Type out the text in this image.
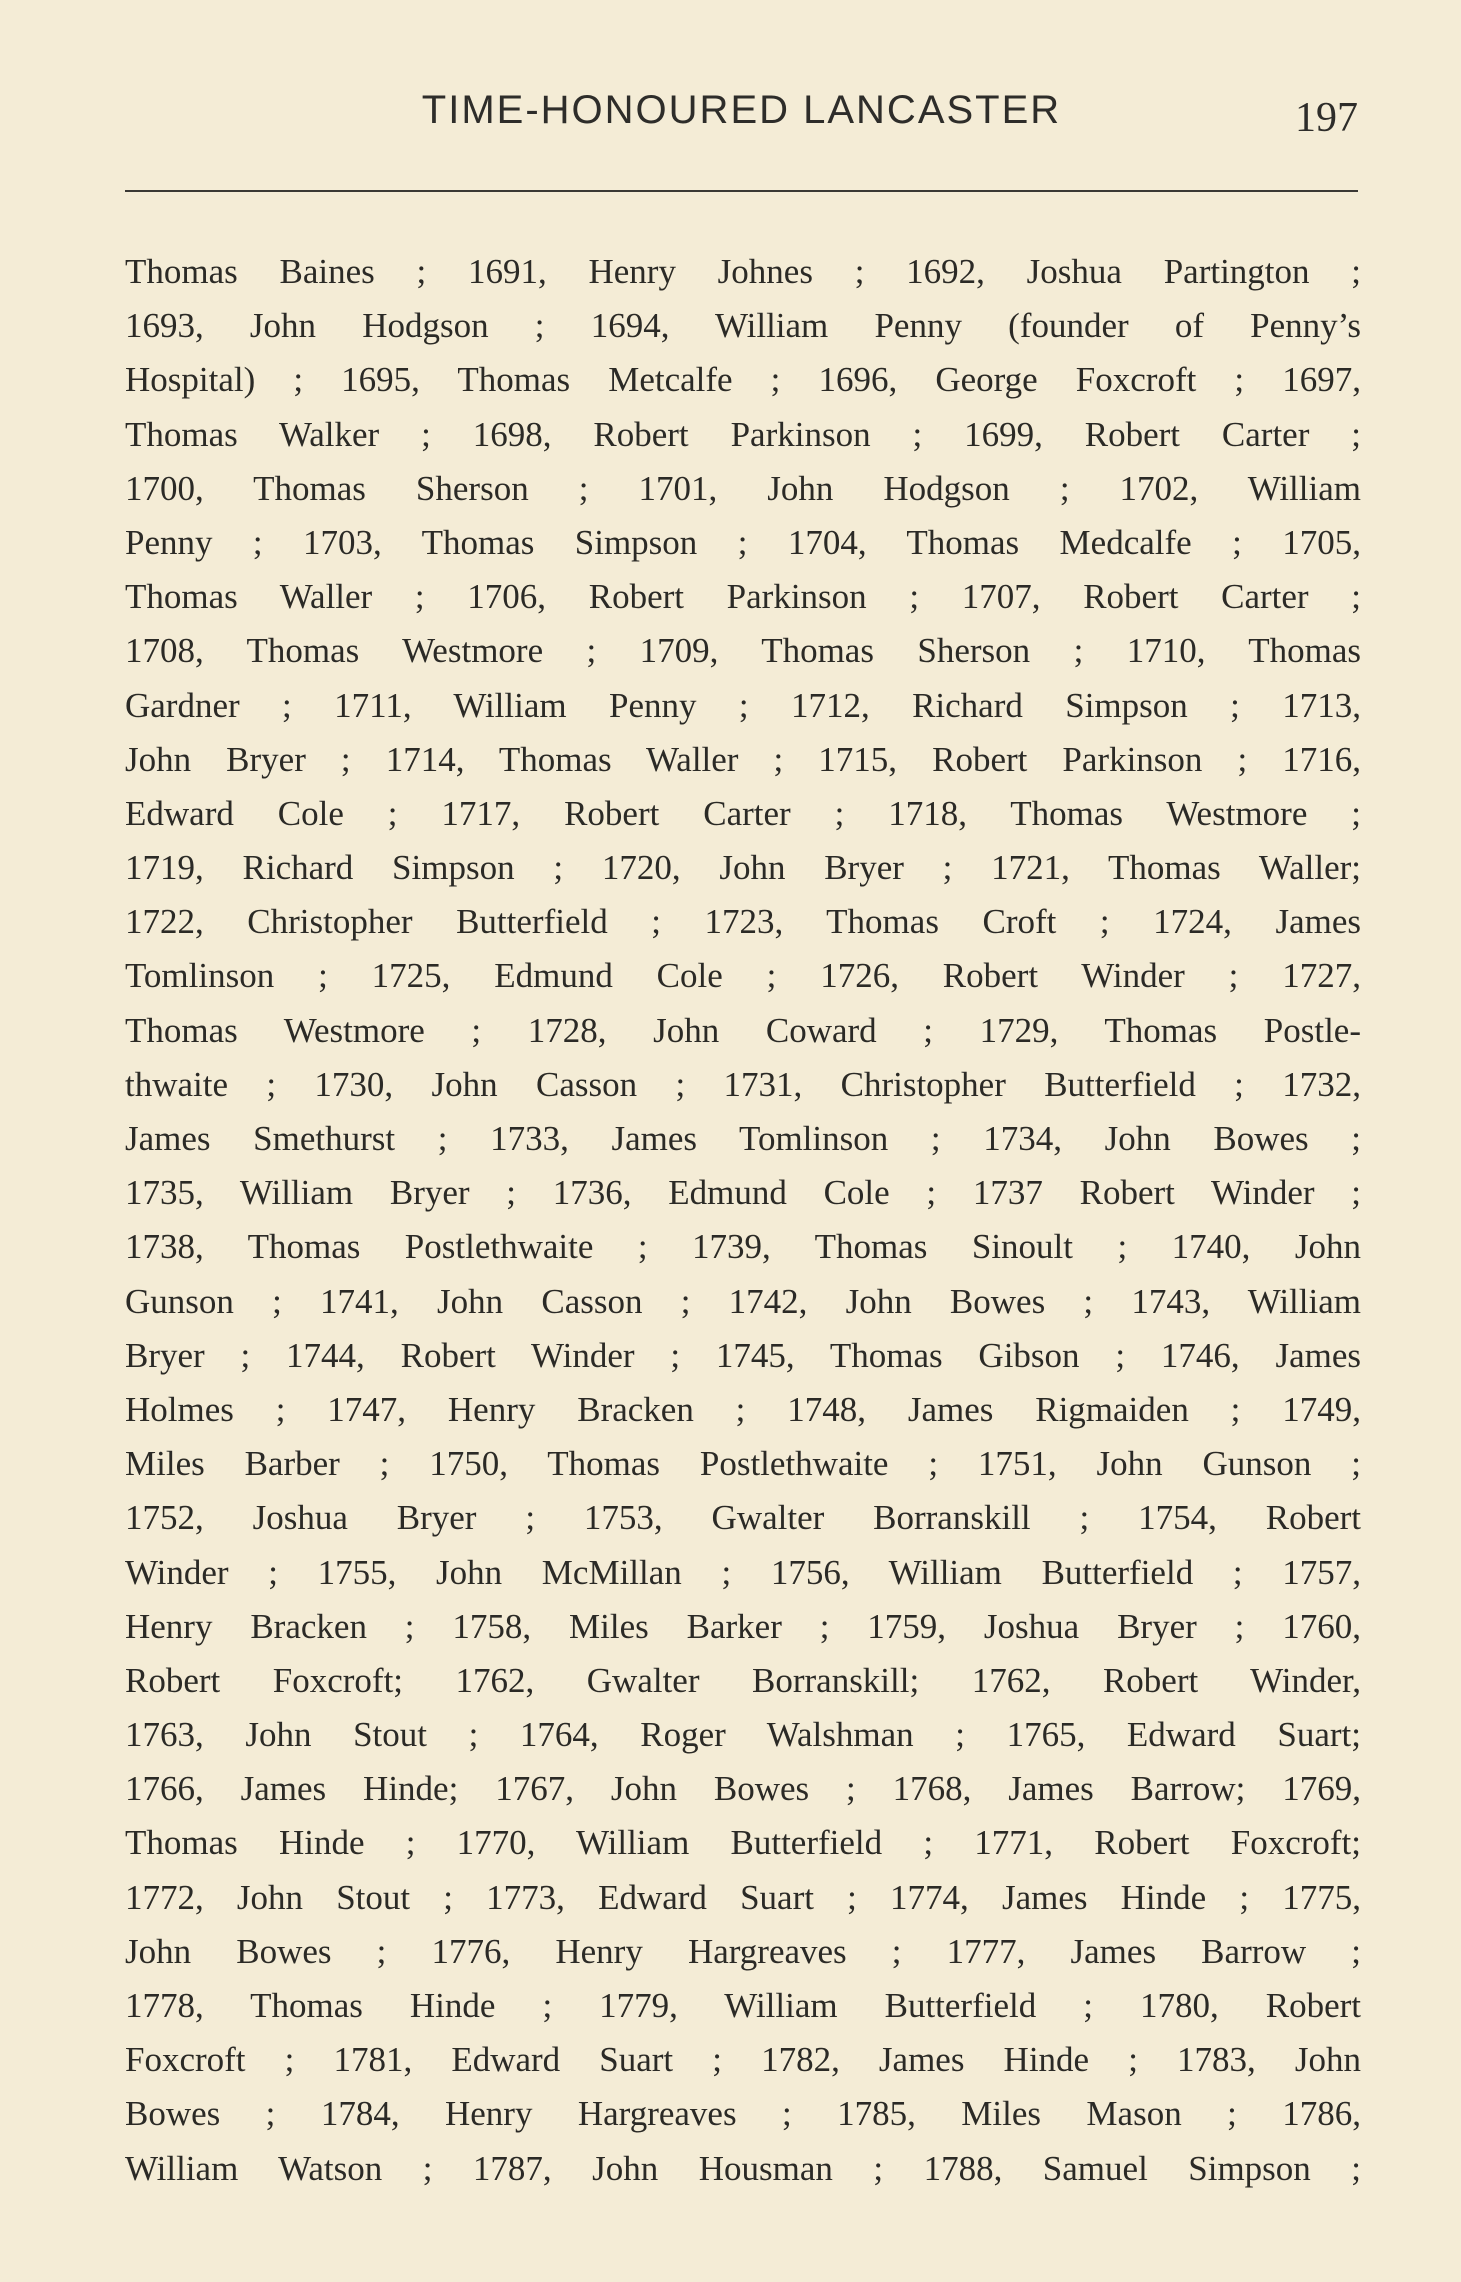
TIME-HONOURED LANCASTER	197
Thomas Baines ; 1691, Henry Johnes ; 1692, Joshua Partington ;
1693, John Hodgson ; 1694, William Penny (founder of Penny’s
Hospital) ; 1695, Thomas Metcalfe ; 1696, George Foxcroft ; 1697,
Thomas Walker ; 1698, Robert Parkinson ; 1699, Robert Carter ;
1700, Thomas Sherson ; 1701, John Hodgson ; 1702, William
Penny ; 1703, Thomas Simpson ; 1704, Thomas Medcalfe ; 1705,
Thomas Waller ; 1706, Robert Parkinson ; 1707, Robert Carter ;
1708, Thomas Westmore ; 1709, Thomas Sherson ; 1710, Thomas
Gardner ; 1711, William Penny ; 1712, Richard Simpson ; 1713,
John Bryer ; 1714, Thomas Waller ; 1715, Robert Parkinson ; 1716,
Edward Cole ; 1717, Robert Carter ; 1718, Thomas Westmore ;
1719, Richard Simpson ; 1720, John Bryer ; 1721, Thomas Waller;
1722, Christopher Butterfield ; 1723, Thomas Croft ; 1724, James
Tomlinson ; 1725, Edmund Cole ; 1726, Robert Winder ; 1727,
Thomas Westmore ; 1728, John Coward ; 1729, Thomas Postle-
thwaite ; 1730, John Casson ; 1731, Christopher Butterfield ; 1732,
James Smethurst ; 1733, James Tomlinson ; 1734, John Bowes ;
1735, William Bryer ; 1736, Edmund Cole ; 1737 Robert Winder ;
1738, Thomas Postlethwaite ; 1739, Thomas Sinoult ; 1740, John
Gunson ; 1741, John Casson ; 1742, John Bowes ; 1743, William
Bryer ; 1744, Robert Winder ; 1745, Thomas Gibson ; 1746, James
Holmes ; 1747, Henry Bracken ; 1748, James Rigmaiden ; 1749,
Miles Barber ; 1750, Thomas Postlethwaite ; 1751, John Gunson ;
1752, Joshua Bryer ; 1753, Gwalter Borranskill ; 1754, Robert
Winder ; 1755, John McMillan ; 1756, William Butterfield ; 1757,
Henry Bracken ; 1758, Miles Barker ; 1759, Joshua Bryer ; 1760,
Robert Foxcroft; 1762, Gwalter Borranskill; 1762, Robert Winder,
1763, John Stout ; 1764, Roger Walshman ; 1765, Edward Suart;
1766, James Hinde; 1767, John Bowes ; 1768, James Barrow; 1769,
Thomas Hinde ; 1770, William Butterfield ; 1771, Robert Foxcroft;
1772, John Stout ; 1773, Edward Suart ; 1774, James Hinde ; 1775,
John Bowes ; 1776, Henry Hargreaves ; 1777, James Barrow ;
1778, Thomas Hinde ; 1779, William Butterfield ; 1780, Robert
Foxcroft ; 1781, Edward Suart ; 1782, James Hinde ; 1783, John
Bowes ; 1784, Henry Hargreaves ; 1785, Miles Mason ; 1786,
William Watson ; 1787, John Housman ; 1788, Samuel Simpson ;
